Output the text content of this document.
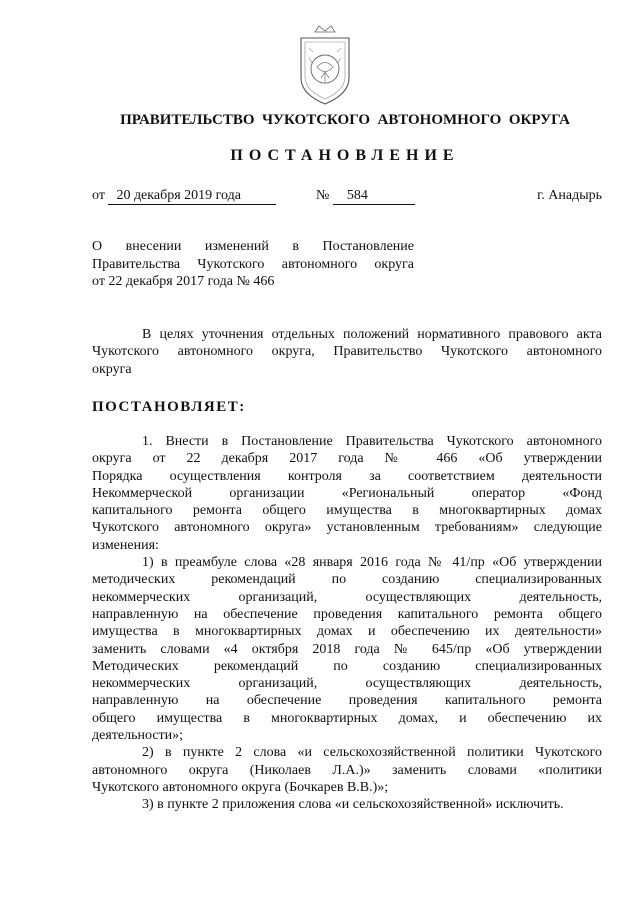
ПРАВИТЕЛЬСТВО  ЧУКОТСКОГО  АВТОНОМНОГО  ОКРУГА
ПОСТАНОВЛЕНИЕ
от 20 декабря 2019 года	№ 584	г. Анадырь
О внесении изменений в Постановление
Правительства Чукотского автономного округа
от 22 декабря 2017 года № 466
В целях уточнения отдельных положений нормативного правового акта
Чукотского автономного округа, Правительство Чукотского автономного
округа
ПОСТАНОВЛЯЕТ:
1. Внести в Постановление Правительства Чукотского автономного
округа от 22 декабря 2017 года № 466 «Об утверждении
Порядка осуществления контроля за соответствием деятельности
Некоммерческой организации «Региональный оператор «Фонд
капитального ремонта общего имущества в многоквартирных домах
Чукотского автономного округа» установленным требованиям» следующие
изменения:
1) в преамбуле слова «28 января 2016 года № 41/пр «Об утверждении
методических рекомендаций по созданию специализированных
некоммерческих организаций, осуществляющих деятельность,
направленную на обеспечение проведения капитального ремонта общего
имущества в многоквартирных домах и обеспечению их деятельности»
заменить словами «4 октября 2018 года № 645/пр «Об утверждении
Методических рекомендаций по созданию специализированных
некоммерческих организаций, осуществляющих деятельность,
направленную на обеспечение проведения капитального ремонта
общего имущества в многоквартирных домах, и обеспечению их
деятельности»;
2) в пункте 2 слова «и сельскохозяйственной политики Чукотского
автономного округа (Николаев Л.А.)» заменить словами «политики
Чукотского автономного округа (Бочкарев В.В.)»;
3) в пункте 2 приложения слова «и сельскохозяйственной» исключить.
